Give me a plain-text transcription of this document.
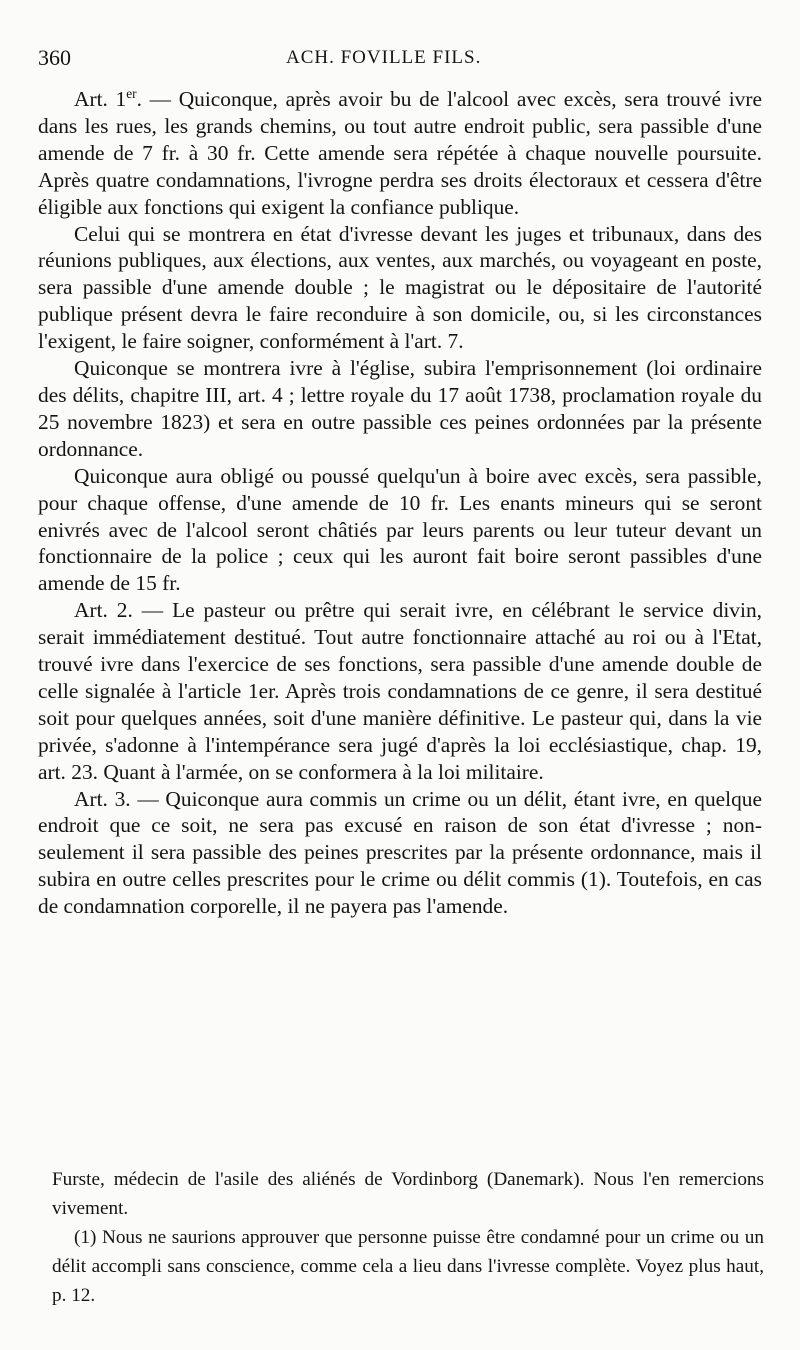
360	ACH. FOVILLE FILS.

Art. 1er. — Quiconque, après avoir bu de l'alcool avec excès, sera trouvé ivre dans les rues, les grands chemins, ou tout autre endroit public, sera passible d'une amende de 7 fr. à 30 fr. Cette amende sera répétée à chaque nouvelle poursuite. Après quatre condamnations, l'ivrogne perdra ses droits électoraux et cessera d'être éligible aux fonctions qui exigent la confiance publique.

Celui qui se montrera en état d'ivresse devant les juges et tribunaux, dans des réunions publiques, aux élections, aux ventes, aux marchés, ou voyageant en poste, sera passible d'une amende double ; le magistrat ou le dépositaire de l'autorité publique présent devra le faire reconduire à son domicile, ou, si les circonstances l'exigent, le faire soigner, conformément à l'art. 7.

Quiconque se montrera ivre à l'église, subira l'emprisonnement (loi ordinaire des délits, chapitre III, art. 4 ; lettre royale du 17 août 1738, proclamation royale du 25 novembre 1823) et sera en outre passible ces peines ordonnées par la présente ordonnance.

Quiconque aura obligé ou poussé quelqu'un à boire avec excès, sera passible, pour chaque offense, d'une amende de 10 fr. Les enants mineurs qui se seront enivrés avec de l'alcool seront châtiés par leurs parents ou leur tuteur devant un fonctionnaire de la police ; ceux qui les auront fait boire seront passibles d'une amende de 15 fr.

Art. 2. — Le pasteur ou prêtre qui serait ivre, en célébrant le service divin, serait immédiatement destitué. Tout autre fonctionnaire attaché au roi ou à l'Etat, trouvé ivre dans l'exercice de ses fonctions, sera passible d'une amende double de celle signalée à l'article 1er. Après trois condamnations de ce genre, il sera destitué soit pour quelques années, soit d'une manière définitive. Le pasteur qui, dans la vie privée, s'adonne à l'intempérance sera jugé d'après la loi ecclésiastique, chap. 19, art. 23. Quant à l'armée, on se conformera à la loi militaire.

Art. 3. — Quiconque aura commis un crime ou un délit, étant ivre, en quelque endroit que ce soit, ne sera pas excusé en raison de son état d'ivresse ; non-seulement il sera passible des peines prescrites par la présente ordonnance, mais il subira en outre celles prescrites pour le crime ou délit commis (1). Toutefois, en cas de condamnation corporelle, il ne payera pas l'amende.

Furste, médecin de l'asile des aliénés de Vordinborg (Danemark). Nous l'en remercions vivement.

(1) Nous ne saurions approuver que personne puisse être condamné pour un crime ou un délit accompli sans conscience, comme cela a lieu dans l'ivresse complète. Voyez plus haut, p. 12.
